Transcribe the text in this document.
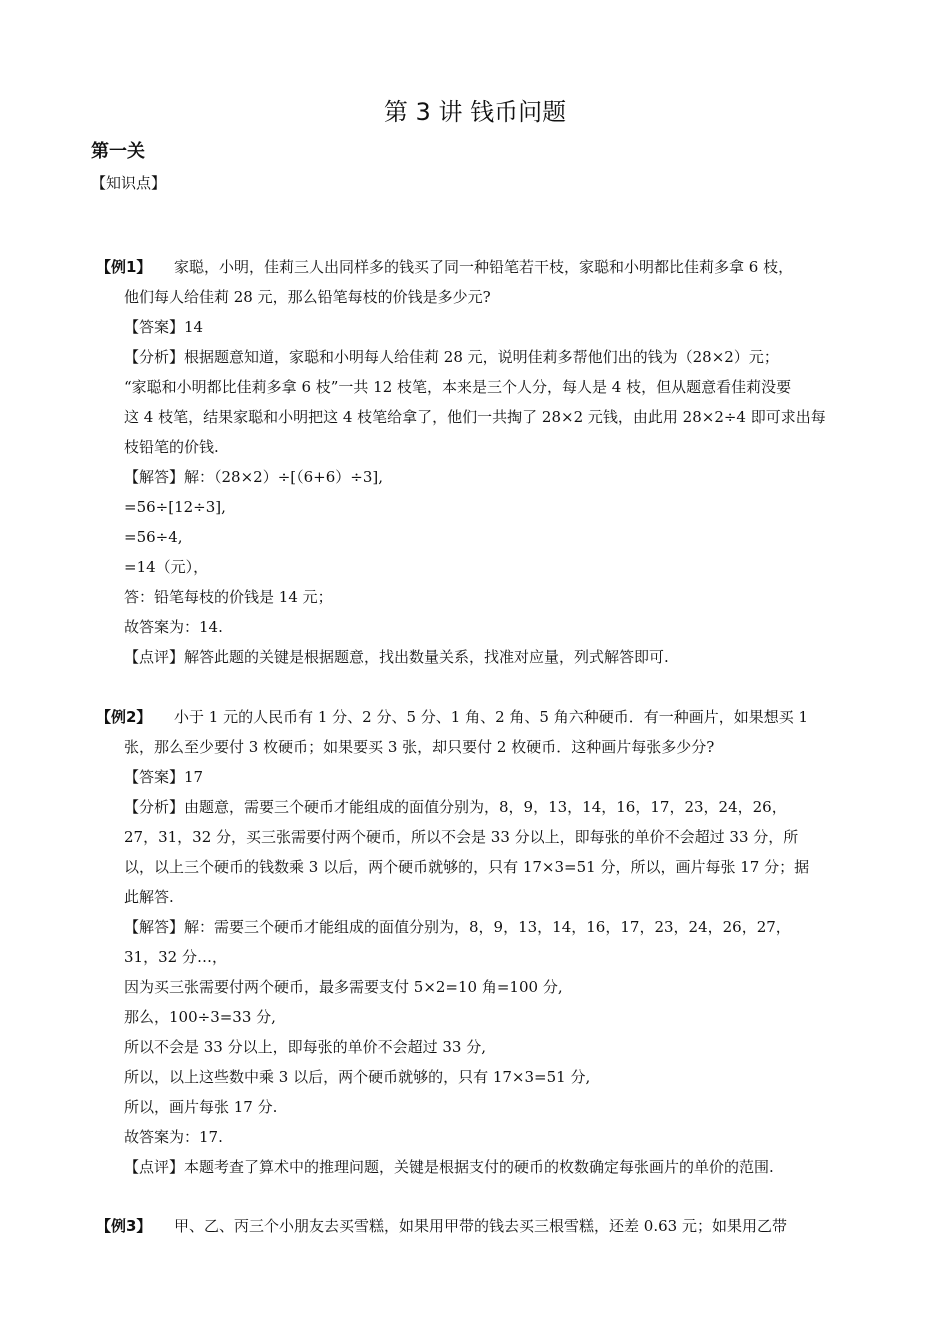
第 3 讲 钱币问题
第一关
【知识点】
【例1】 家聪，小明，佳莉三人出同样多的钱买了同一种铅笔若干枝，家聪和小明都比佳莉多拿 6 枝，
他们每人给佳莉 28 元，那么铅笔每枝的价钱是多少元?
【答案】14
【分析】根据题意知道，家聪和小明每人给佳莉 28 元，说明佳莉多帮他们出的钱为（28×2）元；
“家聪和小明都比佳莉多拿 6 枝”一共 12 枝笔，本来是三个人分，每人是 4 枝，但从题意看佳莉没要
这 4 枝笔，结果家聪和小明把这 4 枝笔给拿了，他们一共掏了 28×2 元钱，由此用 28×2÷4 即可求出每
枝铅笔的价钱.
【解答】解：（28×2）÷[（6+6）÷3],
=56÷[12÷3],
=56÷4,
=14（元），
答：铅笔每枝的价钱是 14 元；
故答案为：14.
【点评】解答此题的关键是根据题意，找出数量关系，找准对应量，列式解答即可.
【例2】 小于 1 元的人民币有 1 分、2 分、5 分、1 角、2 角、5 角六种硬币．有一种画片，如果想买 1
张，那么至少要付 3 枚硬币；如果要买 3 张，却只要付 2 枚硬币．这种画片每张多少分?
【答案】17
【分析】由题意，需要三个硬币才能组成的面值分别为，8，9，13，14，16，17，23，24，26，
27，31，32 分，买三张需要付两个硬币，所以不会是 33 分以上，即每张的单价不会超过 33 分，所
以，以上三个硬币的钱数乘 3 以后，两个硬币就够的，只有 17×3=51 分，所以，画片每张 17 分；据
此解答.
【解答】解：需要三个硬币才能组成的面值分别为，8，9，13，14，16，17，23，24，26，27，
31，32 分…，
因为买三张需要付两个硬币，最多需要支付 5×2=10 角=100 分,
那么，100÷3=33 分,
所以不会是 33 分以上，即每张的单价不会超过 33 分,
所以，以上这些数中乘 3 以后，两个硬币就够的，只有 17×3=51 分,
所以，画片每张 17 分.
故答案为：17.
【点评】本题考查了算术中的推理问题，关键是根据支付的硬币的枚数确定每张画片的单价的范围.
【例3】 甲、乙、丙三个小朋友去买雪糕，如果用甲带的钱去买三根雪糕，还差 0.63 元；如果用乙带
